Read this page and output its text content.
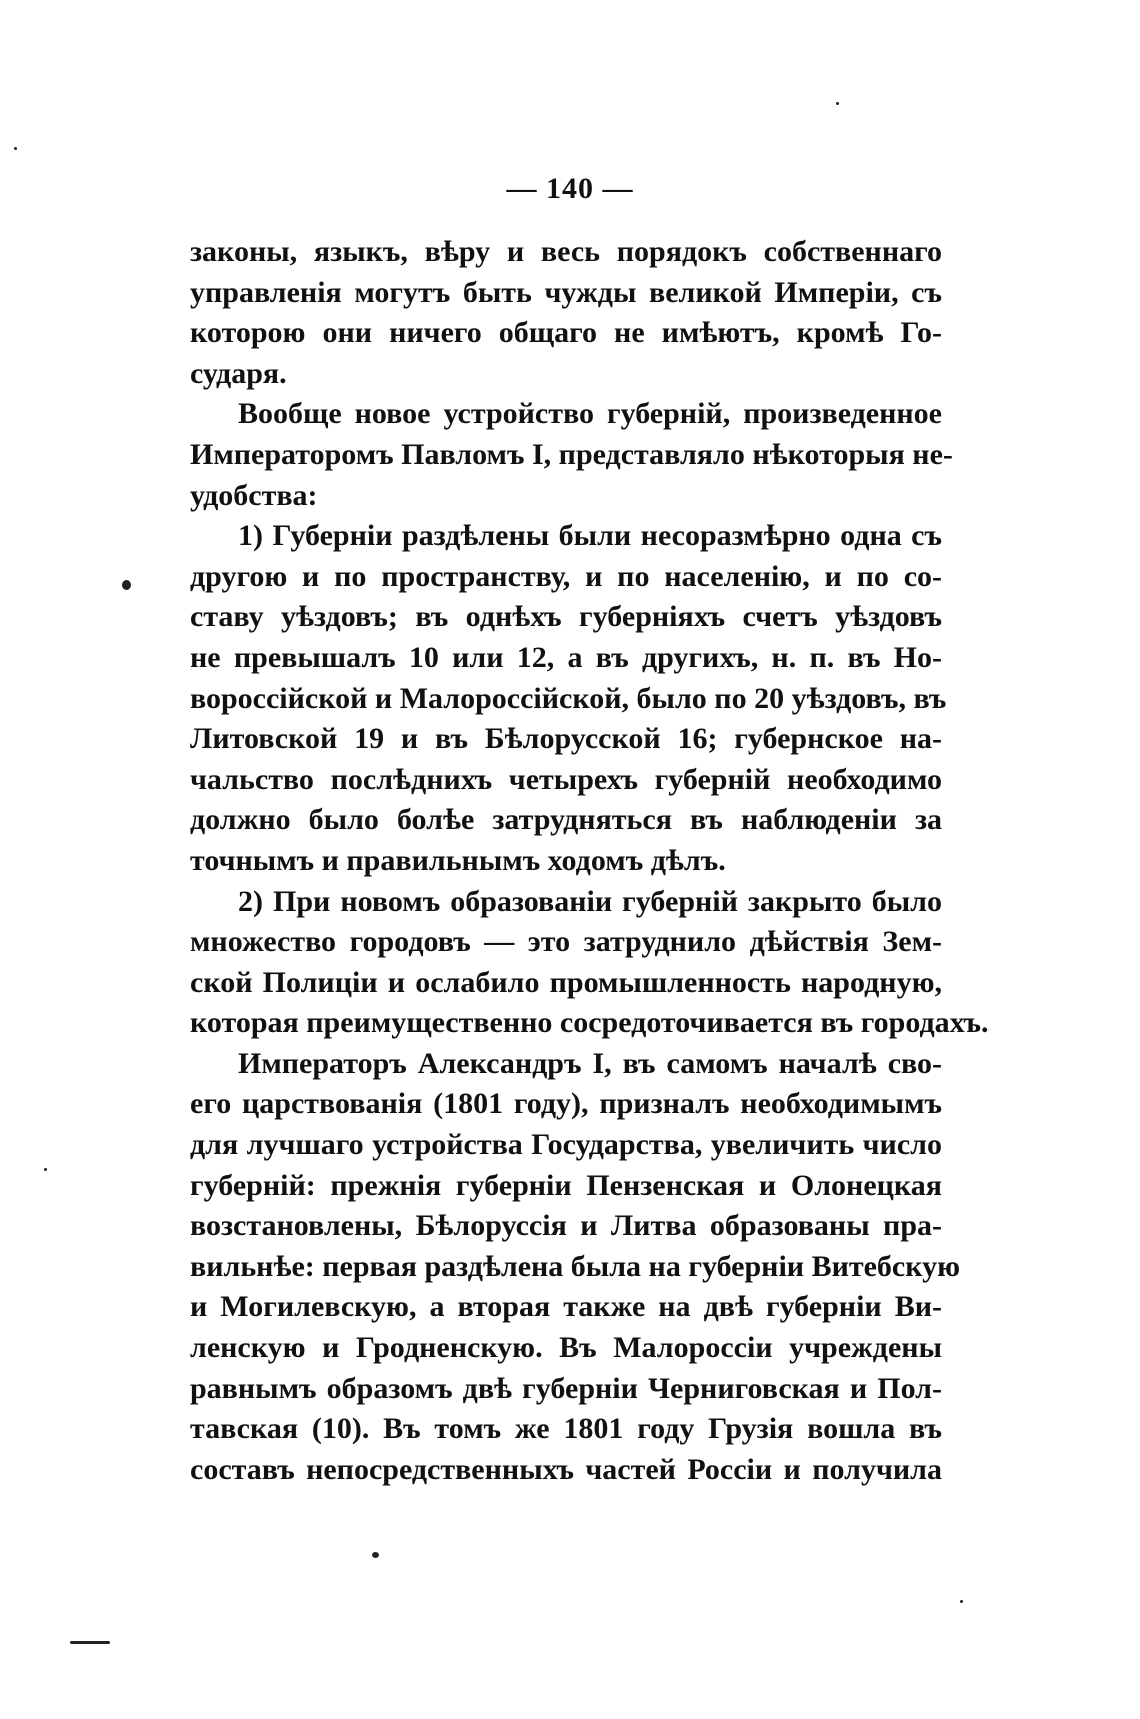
— 140 —
законы, языкъ, вѣру и весь порядокъ собственнаго
управленія могутъ быть чужды великой Имперіи, съ
которою они ничего общаго не имѣютъ, кромѣ Го-
сударя.
Вообще новое устройство губерній, произведенное
Императоромъ Павломъ I, представляло нѣкоторыя не-
удобства:
1) Губерніи раздѣлены были несоразмѣрно одна съ
другою и по пространству, и по населенію, и по со-
ставу уѣздовъ; въ однѣхъ губерніяхъ счетъ уѣздовъ
не превышалъ 10 или 12, а въ другихъ, н. п. въ Но-
вороссійской и Малороссійской, было по 20 уѣздовъ, въ
Литовской 19 и въ Бѣлорусской 16; губернское на-
чальство послѣднихъ четырехъ губерній необходимо
должно было болѣе затрудняться въ наблюденіи за
точнымъ и правильнымъ ходомъ дѣлъ.
2) При новомъ образованіи губерній закрыто было
множество городовъ — это затруднило дѣйствія Зем-
ской Полиціи и ослабило промышленность народную,
которая преимущественно сосредоточивается въ городахъ.
Императоръ Александръ I, въ самомъ началѣ сво-
его царствованія (1801 году), призналъ необходимымъ
для лучшаго устройства Государства, увеличить число
губерній: прежнія губерніи Пензенская и Олонецкая
возстановлены, Бѣлоруссія и Литва образованы пра-
вильнѣе: первая раздѣлена была на губерніи Витебскую
и Могилевскую, а вторая также на двѣ губерніи Ви-
ленскую и Гродненскую. Въ Малороссіи учреждены
равнымъ образомъ двѣ губерніи Черниговская и Пол-
тавская (10). Въ томъ же 1801 году Грузія вошла въ
составъ непосредственныхъ частей Россіи и получила
